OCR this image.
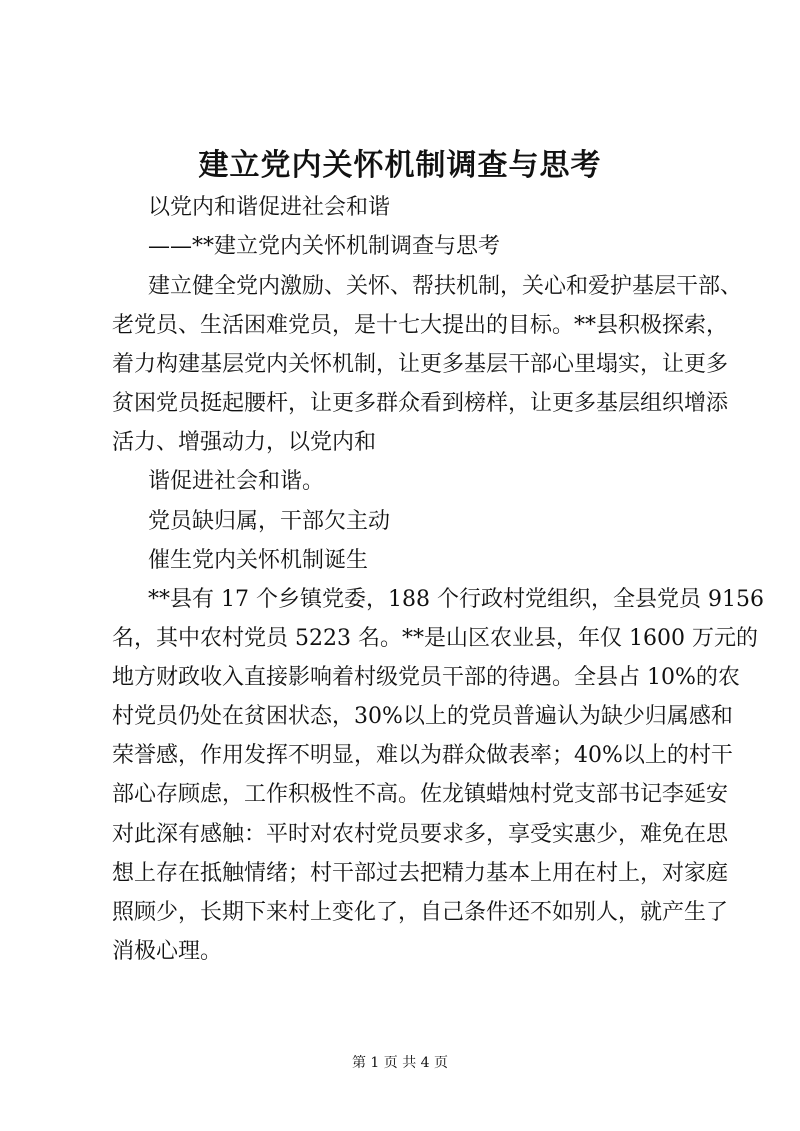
建立党内关怀机制调查与思考
以党内和谐促进社会和谐
——**建立党内关怀机制调查与思考
建立健全党内激励、关怀、帮扶机制，关心和爱护基层干部、
老党员、生活困难党员，是十七大提出的目标。**县积极探索，
着力构建基层党内关怀机制，让更多基层干部心里塌实，让更多
贫困党员挺起腰杆，让更多群众看到榜样，让更多基层组织增添
活力、增强动力，以党内和
谐促进社会和谐。
党员缺归属，干部欠主动
催生党内关怀机制诞生
**县有 17 个乡镇党委，188 个行政村党组织，全县党员 9156
名，其中农村党员 5223 名。**是山区农业县，年仅 1600 万元的
地方财政收入直接影响着村级党员干部的待遇。全县占 10%的农
村党员仍处在贫困状态，30%以上的党员普遍认为缺少归属感和
荣誉感，作用发挥不明显，难以为群众做表率；40%以上的村干
部心存顾虑，工作积极性不高。佐龙镇蜡烛村党支部书记李延安
对此深有感触：平时对农村党员要求多，享受实惠少，难免在思
想上存在抵触情绪；村干部过去把精力基本上用在村上，对家庭
照顾少，长期下来村上变化了，自己条件还不如别人，就产生了
消极心理。
第 1 页 共 4 页
